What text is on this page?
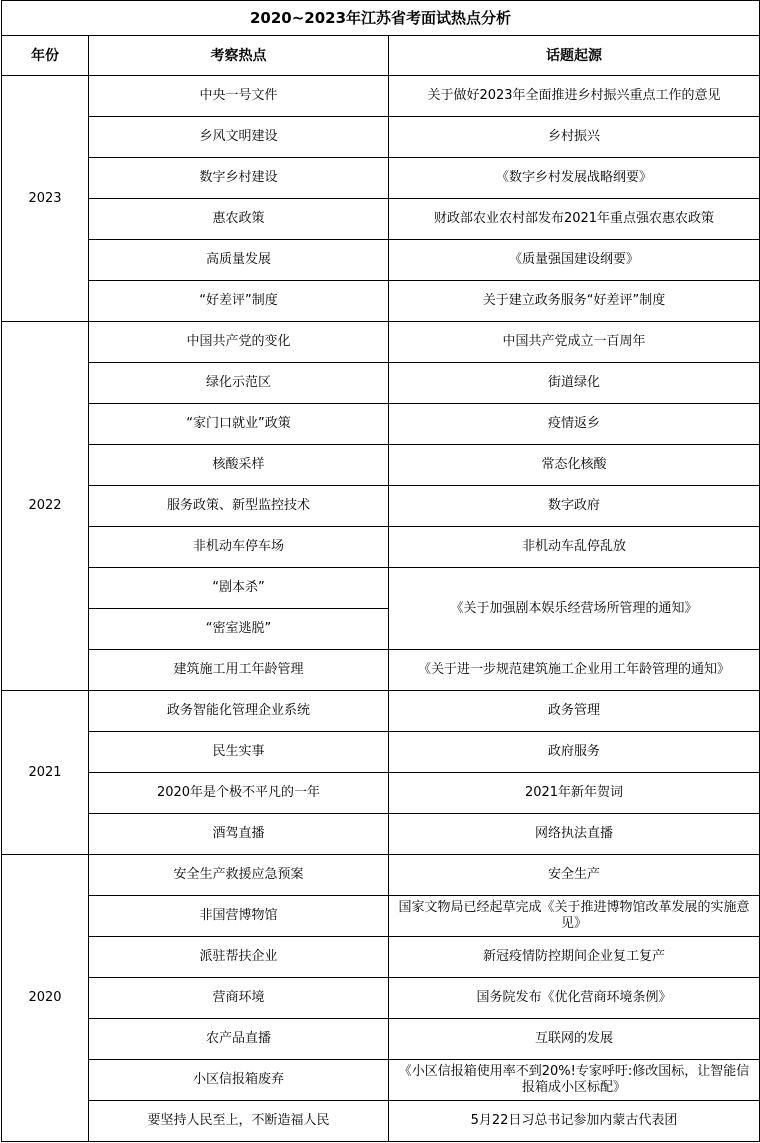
2020~2023年江苏省考面试热点分析		
年份	考察热点	话题起源
2023	中央一号文件	关于做好2023年全面推进乡村振兴重点工作的意见
	乡风文明建设	乡村振兴
	数字乡村建设	《数字乡村发展战略纲要》
	惠农政策	财政部农业农村部发布2021年重点强农惠农政策
	高质量发展	《质量强国建设纲要》
	“好差评”制度	关于建立政务服务“好差评”制度
2022	中国共产党的变化	中国共产党成立一百周年
	绿化示范区	街道绿化
	“家门口就业”政策	疫情返乡
	核酸采样	常态化核酸
	服务政策、新型监控技术	数字政府
	非机动车停车场	非机动车乱停乱放
	“剧本杀”	《关于加强剧本娱乐经营场所管理的通知》
	“密室逃脱”	
	建筑施工用工年龄管理	《关于进一步规范建筑施工企业用工年龄管理的通知》
2021	政务智能化管理企业系统	政务管理
	民生实事	政府服务
	2020年是个极不平凡的一年	2021年新年贺词
	酒驾直播	网络执法直播
2020	安全生产救援应急预案	安全生产
	非国营博物馆	国家文物局已经起草完成《关于推进博物馆改革发展的实施意见》
	派驻帮扶企业	新冠疫情防控期间企业复工复产
	营商环境	国务院发布《优化营商环境条例》
	农产品直播	互联网的发展
	小区信报箱废弃	《小区信报箱使用率不到20%!专家呼吁:修改国标，让智能信报箱成小区标配》
	要坚持人民至上，不断造福人民	5月22日习总书记参加内蒙古代表团
